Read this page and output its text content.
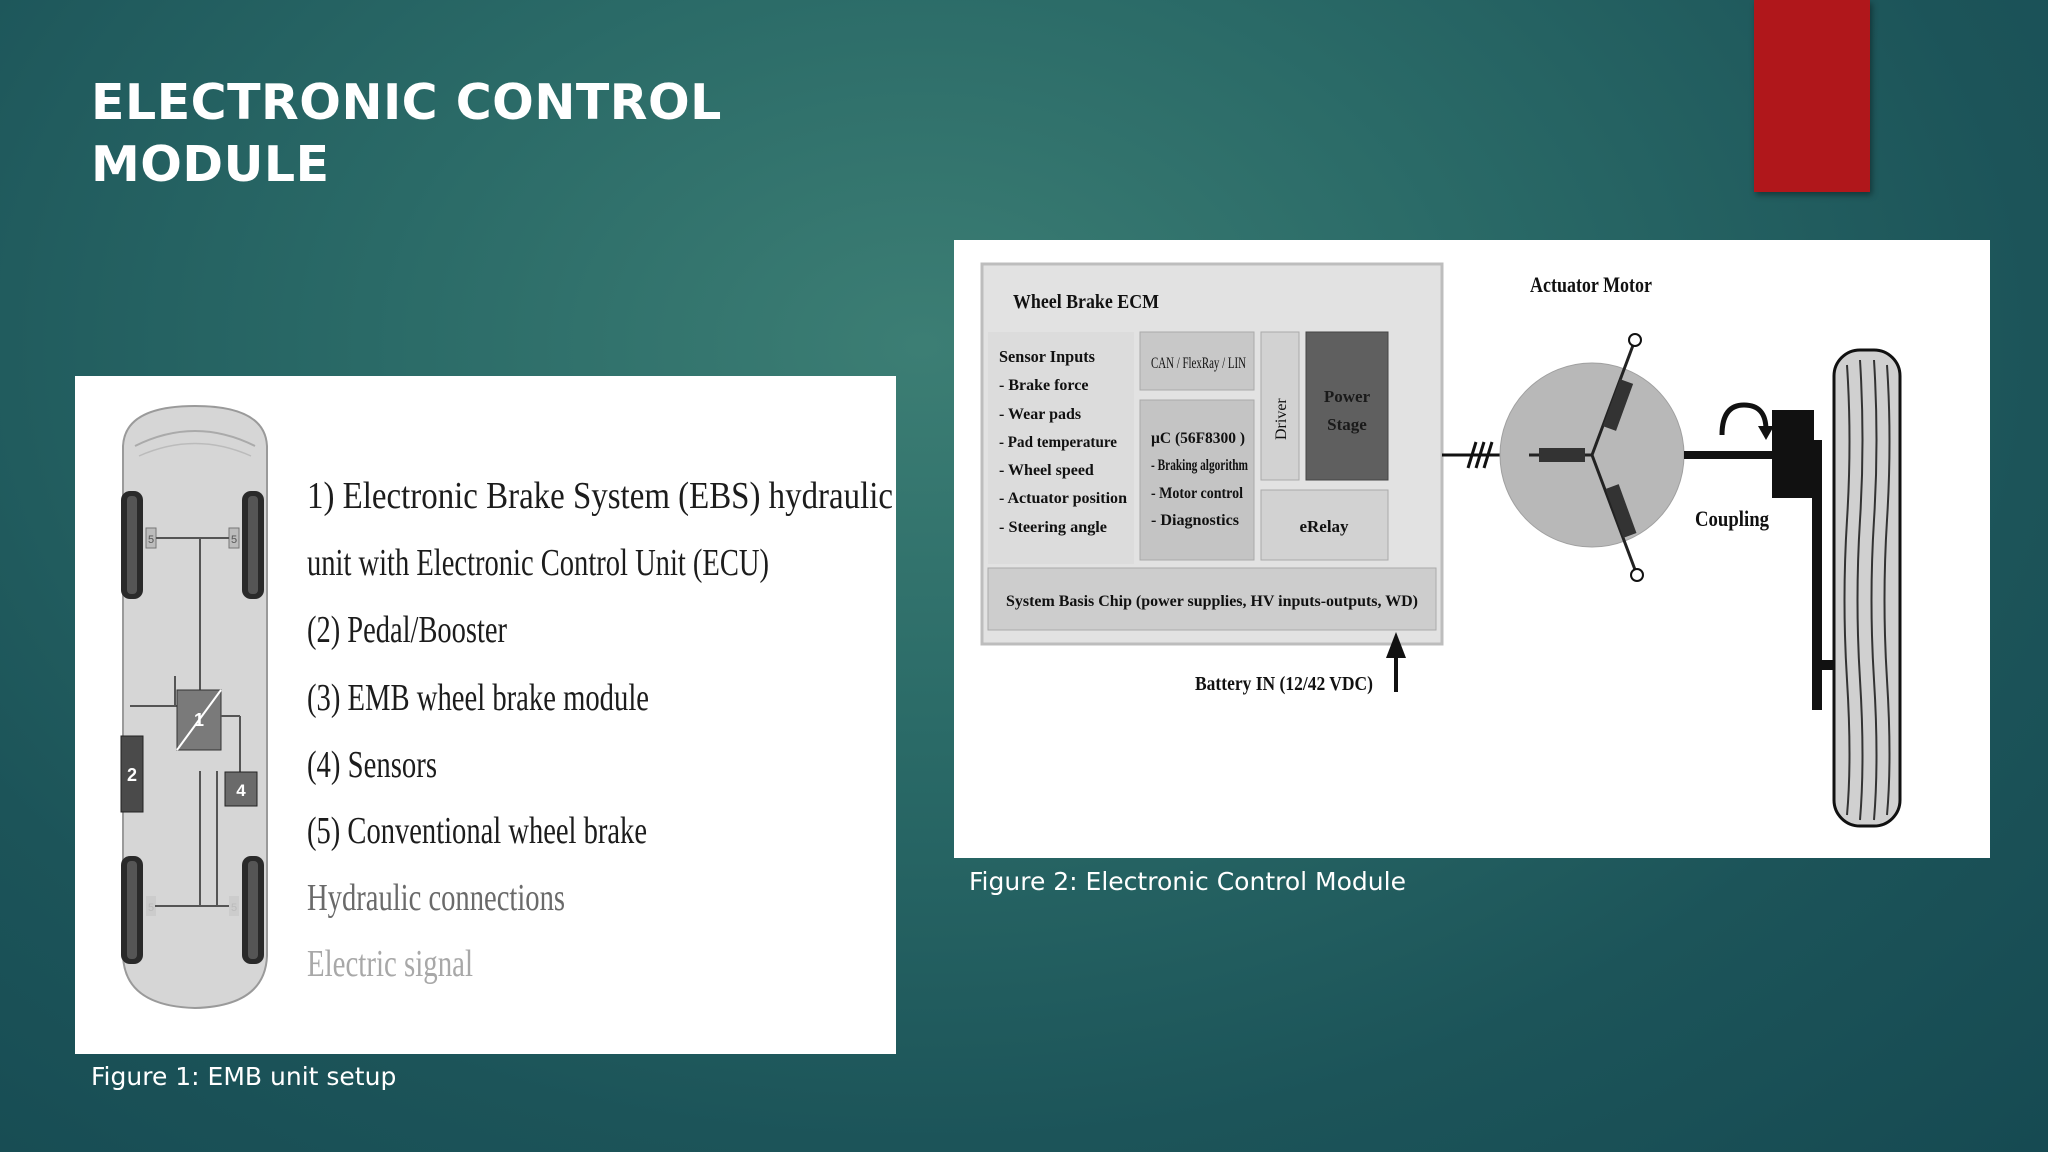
ELECTRONIC CONTROL
MODULE
5	5
5	5
2
1
4
1) Electronic Brake System (EBS) hydraulic
unit with Electronic Control Unit (ECU)
(2) Pedal/Booster
(3) EMB wheel brake module
(4) Sensors
(5) Conventional wheel brake
Hydraulic connections
Electric signal
Figure 1: EMB unit setup
Wheel Brake ECM
Sensor Inputs
- Brake force
- Wear pads
- Pad temperature
- Wheel speed
- Actuator position
- Steering angle
CAN / FlexRay / LIN
µC (56F8300 )
- Braking algorithm
- Motor control
- Diagnostics
Driver
Power
Stage
eRelay
System Basis Chip (power supplies, HV inputs-outputs, WD)
Battery IN (12/42 VDC)
Actuator Motor
Coupling
Figure 2: Electronic Control Module
